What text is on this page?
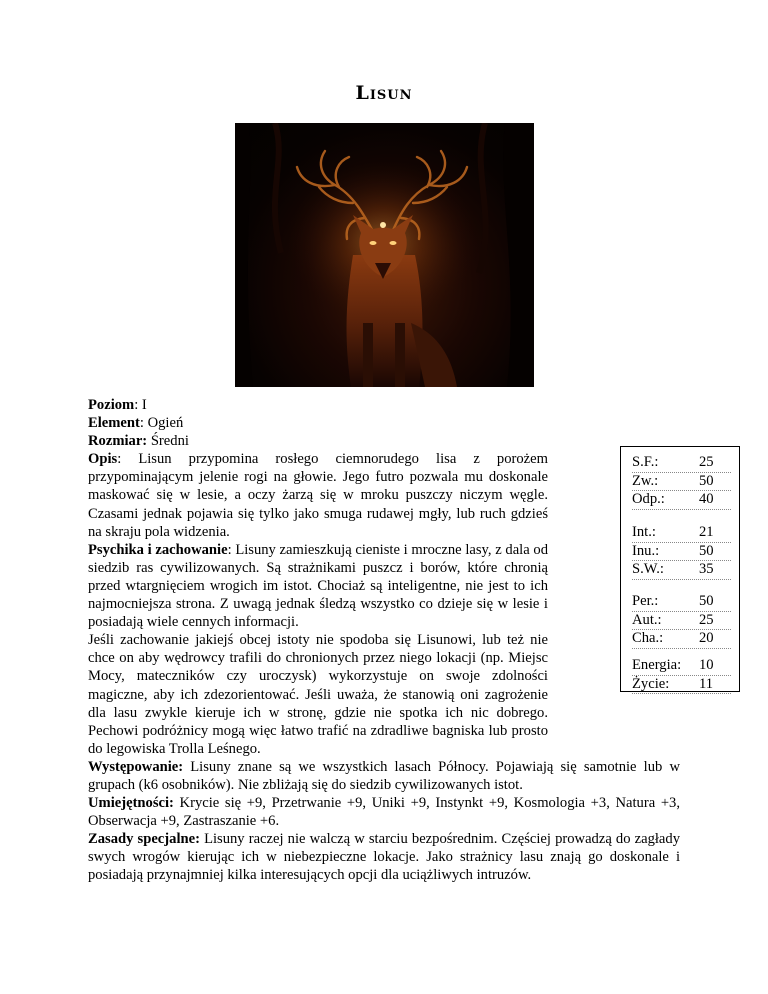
Lisun
S.F.:	25
Zw.:	50
Odp.: 40
Int.:	21
Inu.:	50
S.W.: 35
Per.:	50
Aut.:	25
Cha.: 20
Energia: 10
Życie: 11

Poziom: I

Element: Ogień

Rozmiar: Średni

Opis: Lisun przypomina rosłego ciemnorudego lisa z porożem przypominającym jelenie rogi na głowie. Jego futro pozwala mu doskonale maskować się w lesie, a oczy żarzą się w mroku puszczy niczym węgle. Czasami jednak pojawia się tylko jako smuga rudawej mgły, lub ruch gdzieś na skraju pola widzenia.

Psychika i zachowanie: Lisuny zamieszkują cieniste i mroczne lasy, z dala od siedzib ras cywilizowanych. Są strażnikami puszcz i borów, które chronią przed wtargnięciem wrogich im istot. Chociaż są inteligentne, nie jest to ich najmocniejsza strona. Z uwagą jednak śledzą wszystko co dzieje się w lesie i posiadają wiele cennych informacji.

Jeśli zachowanie jakiejś obcej istoty nie spodoba się Lisunowi, lub też nie chce on aby wędrowcy trafili do chronionych przez niego lokacji (np. Miejsc Mocy, mateczników czy uroczysk) wykorzystuje on swoje zdolności magiczne, aby ich zdezorientować. Jeśli uważa, że stanowią oni zagrożenie dla lasu zwykle kieruje ich w stronę, gdzie nie spotka ich nic dobrego. Pechowi podróżnicy mogą więc łatwo trafić na zdradliwe bagniska lub prosto do legowiska Trolla Leśnego.

Występowanie: Lisuny znane są we wszystkich lasach Północy. Pojawiają się samotnie lub w grupach (k6 osobników). Nie zbliżają się do siedzib cywilizowanych istot.

Umiejętności: Krycie się +9, Przetrwanie +9, Uniki +9, Instynkt +9, Kosmologia +3, Natura +3, Obserwacja +9, Zastraszanie +6.

Zasady specjalne: Lisuny raczej nie walczą w starciu bezpośrednim. Częściej prowadzą do zagłady swych wrogów kierując ich w niebezpieczne lokacje. Jako strażnicy lasu znają go doskonale i posiadają przynajmniej kilka interesujących opcji dla uciążliwych intruzów.
